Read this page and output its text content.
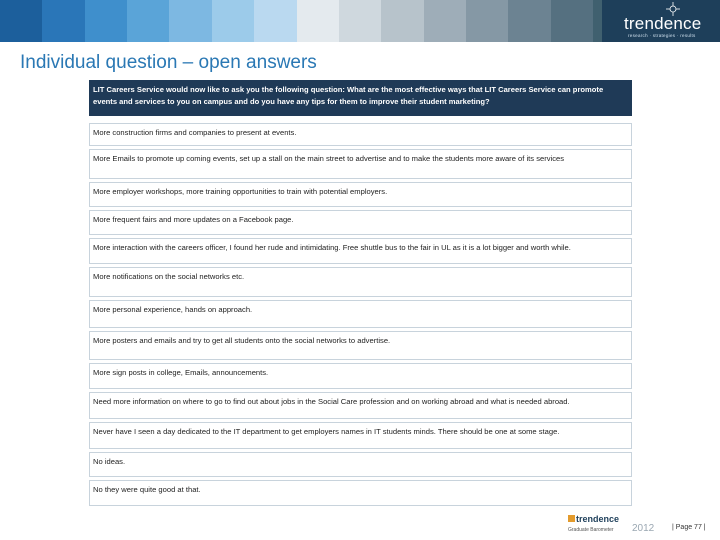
trendence
research · strategies · results
Individual question – open answers
LIT Careers Service would now like to ask you the following question: What are the most effective ways that LIT Careers Service can promote events and services to you on campus and do you have any tips for them to improve their student marketing?
More construction firms and companies to present at events.
More Emails to promote up coming events, set up a stall on the main street to advertise and to make the students more aware of its services
More employer workshops, more training opportunities to train with potential employers.
More frequent fairs and more updates on a Facebook page.
More interaction with the careers officer, I found her rude and intimidating. Free shuttle bus to the fair in UL as it is a lot bigger and worth while.
More notifications on the social networks etc.
More personal experience, hands on approach.
More posters and emails and try to get all students onto the social networks to advertise.
More sign posts in college, Emails, announcements.
Need more information on where to go to find out about jobs in the Social Care profession and on working abroad and what is needed abroad.
Never have I seen a day dedicated to the IT department to get employers names in IT students minds. There should be one at some stage.
No ideas.
No they were quite good at that.
trendence
Graduate Barometer 2012	| Page 77 |
